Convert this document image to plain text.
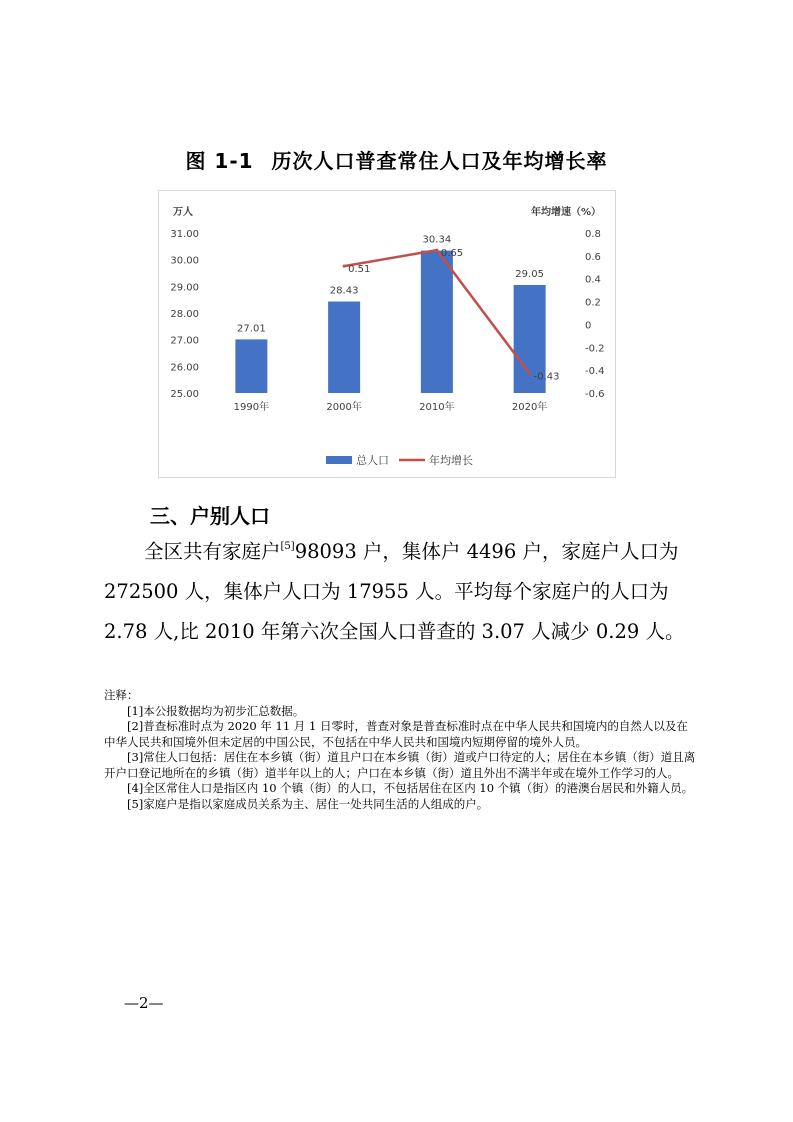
图 1-1 历次人口普查常住人口及年均增长率
万人	年均增速（%）
25.00
26.00
27.00
28.00
29.00
30.00
31.00
-0.6
-0.4
-0.2
0
0.2
0.4
0.6
0.8
1990年	2000年	2010年	2020年
27.01
28.43
30.34
29.05
0.51
0.65
-0.43
总人口	年均增长
三、户别人口
全区共有家庭户[5]98093 户，集体户 4496 户，家庭户人口为
272500 人，集体户人口为 17955 人。平均每个家庭户的人口为
2.78 人,比 2010 年第六次全国人口普查的 3.07 人减少 0.29 人。
注释：
[1]本公报数据均为初步汇总数据。
[2]普查标准时点为 2020 年 11 月 1 日零时，普查对象是普查标准时点在中华人民共和国境内的自然人以及在中华人民共和国境外但未定居的中国公民，不包括在中华人民共和国境内短期停留的境外人员。
[3]常住人口包括：居住在本乡镇（街）道且户口在本乡镇（街）道或户口待定的人；居住在本乡镇（街）道且离开户口登记地所在的乡镇（街）道半年以上的人；户口在本乡镇（街）道且外出不满半年或在境外工作学习的人。
[4]全区常住人口是指区内 10 个镇（街）的人口，不包括居住在区内 10 个镇（街）的港澳台居民和外籍人员。
[5]家庭户是指以家庭成员关系为主、居住一处共同生活的人组成的户。
—2—
